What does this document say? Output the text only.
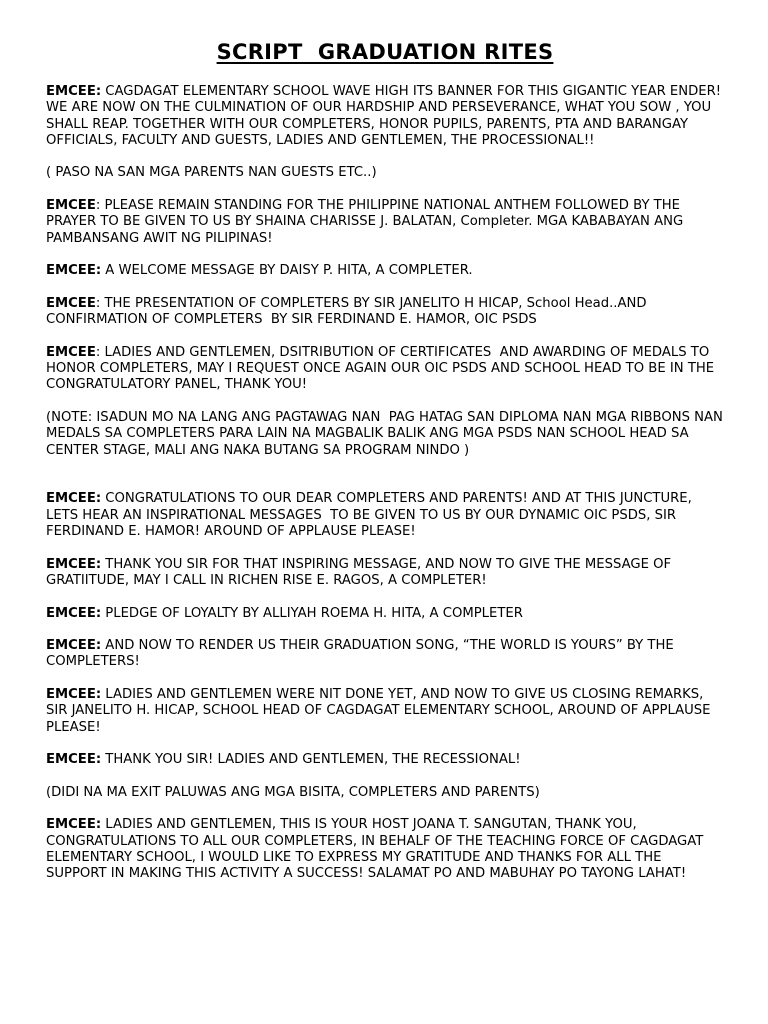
SCRIPT  GRADUATION RITES
EMCEE: CAGDAGAT ELEMENTARY SCHOOL WAVE HIGH ITS BANNER FOR THIS GIGANTIC YEAR ENDER! WE ARE NOW ON THE CULMINATION OF OUR HARDSHIP AND PERSEVERANCE, WHAT YOU SOW , YOU SHALL REAP. TOGETHER WITH OUR COMPLETERS, HONOR PUPILS, PARENTS, PTA AND BARANGAY OFFICIALS, FACULTY AND GUESTS, LADIES AND GENTLEMEN, THE PROCESSIONAL!!
( PASO NA SAN MGA PARENTS NAN GUESTS ETC..)
EMCEE: PLEASE REMAIN STANDING FOR THE PHILIPPINE NATIONAL ANTHEM FOLLOWED BY THE PRAYER TO BE GIVEN TO US BY SHAINA CHARISSE J. BALATAN, Completer. MGA KABABAYAN ANG PAMBANSANG AWIT NG PILIPINAS!
EMCEE: A WELCOME MESSAGE BY DAISY P. HITA, A COMPLETER.
EMCEE: THE PRESENTATION OF COMPLETERS BY SIR JANELITO H HICAP, School Head..AND CONFIRMATION OF COMPLETERS  BY SIR FERDINAND E. HAMOR, OIC PSDS
EMCEE: LADIES AND GENTLEMEN, DSITRIBUTION OF CERTIFICATES  AND AWARDING OF MEDALS TO HONOR COMPLETERS, MAY I REQUEST ONCE AGAIN OUR OIC PSDS AND SCHOOL HEAD TO BE IN THE CONGRATULATORY PANEL, THANK YOU!
(NOTE: ISADUN MO NA LANG ANG PAGTAWAG NAN  PAG HATAG SAN DIPLOMA NAN MGA RIBBONS NAN MEDALS SA COMPLETERS PARA LAIN NA MAGBALIK BALIK ANG MGA PSDS NAN SCHOOL HEAD SA CENTER STAGE, MALI ANG NAKA BUTANG SA PROGRAM NINDO )
EMCEE: CONGRATULATIONS TO OUR DEAR COMPLETERS AND PARENTS! AND AT THIS JUNCTURE, LETS HEAR AN INSPIRATIONAL MESSAGES  TO BE GIVEN TO US BY OUR DYNAMIC OIC PSDS, SIR FERDINAND E. HAMOR! AROUND OF APPLAUSE PLEASE!
EMCEE: THANK YOU SIR FOR THAT INSPIRING MESSAGE, AND NOW TO GIVE THE MESSAGE OF GRATIITUDE, MAY I CALL IN RICHEN RISE E. RAGOS, A COMPLETER!
EMCEE: PLEDGE OF LOYALTY BY ALLIYAH ROEMA H. HITA, A COMPLETER
EMCEE: AND NOW TO RENDER US THEIR GRADUATION SONG, “THE WORLD IS YOURS” BY THE COMPLETERS!
EMCEE: LADIES AND GENTLEMEN WERE NIT DONE YET, AND NOW TO GIVE US CLOSING REMARKS, SIR JANELITO H. HICAP, SCHOOL HEAD OF CAGDAGAT ELEMENTARY SCHOOL, AROUND OF APPLAUSE PLEASE!
EMCEE: THANK YOU SIR! LADIES AND GENTLEMEN, THE RECESSIONAL!
(DIDI NA MA EXIT PALUWAS ANG MGA BISITA, COMPLETERS AND PARENTS)
EMCEE: LADIES AND GENTLEMEN, THIS IS YOUR HOST JOANA T. SANGUTAN, THANK YOU, CONGRATULATIONS TO ALL OUR COMPLETERS, IN BEHALF OF THE TEACHING FORCE OF CAGDAGAT ELEMENTARY SCHOOL, I WOULD LIKE TO EXPRESS MY GRATITUDE AND THANKS FOR ALL THE SUPPORT IN MAKING THIS ACTIVITY A SUCCESS! SALAMAT PO AND MABUHAY PO TAYONG LAHAT!
